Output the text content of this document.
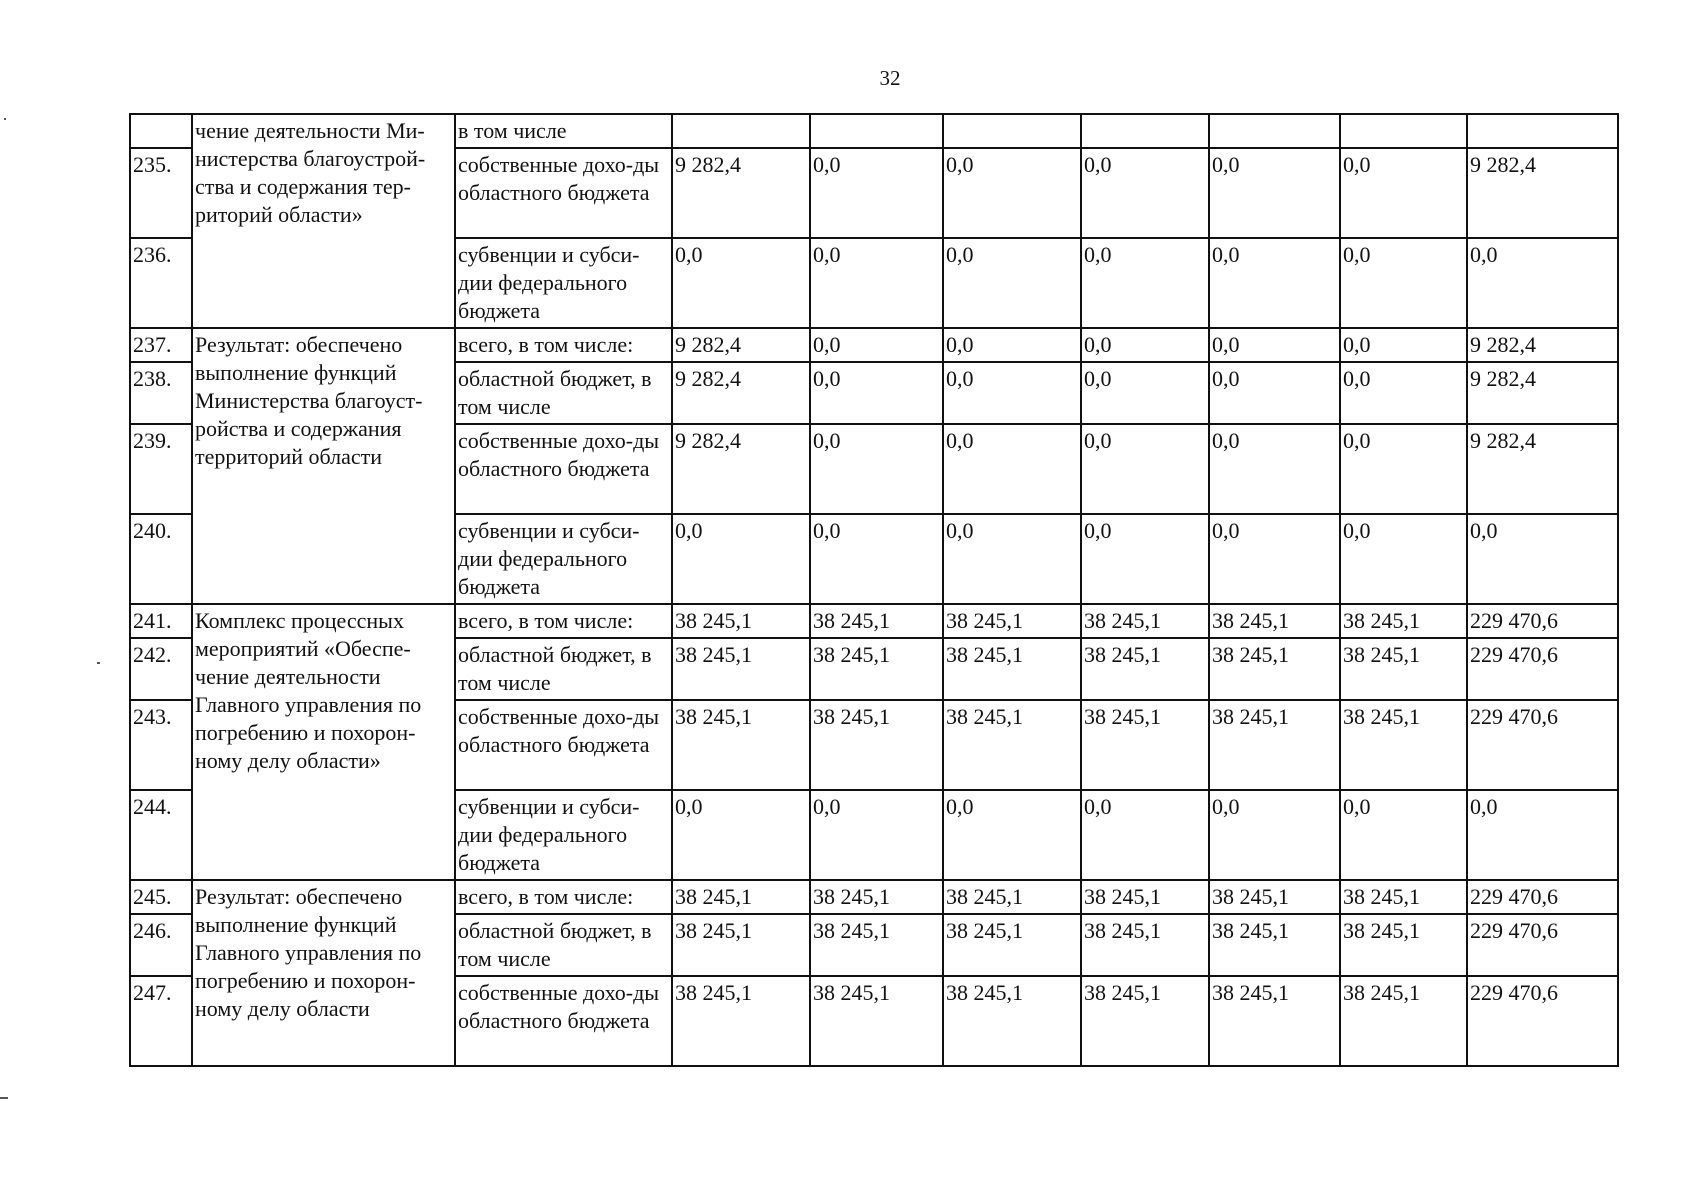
32
	чение деятельности Ми-нистерства благоустрой-ства и содержания тер-риторий области»	в том числе							
235.		собственные дохо-ды областного бюджета	9 282,4	0,0	0,0	0,0	0,0	0,0	9 282,4
236.		субвенции и субси-дии федерального бюджета	0,0	0,0	0,0	0,0	0,0	0,0	0,0
237.	Результат: обеспечено выполнение функций Министерства благоуст-ройства и содержания территорий области	всего, в том числе:	9 282,4	0,0	0,0	0,0	0,0	0,0	9 282,4
238.		областной бюджет, в том числе	9 282,4	0,0	0,0	0,0	0,0	0,0	9 282,4
239.		собственные дохо-ды областного бюджета	9 282,4	0,0	0,0	0,0	0,0	0,0	9 282,4
240.		субвенции и субси-дии федерального бюджета	0,0	0,0	0,0	0,0	0,0	0,0	0,0
241.	Комплекс процессных мероприятий «Обеспе-чение деятельности Главного управления по погребению и похорон-ному делу области»	всего, в том числе:	38 245,1	38 245,1	38 245,1	38 245,1	38 245,1	38 245,1	229 470,6
242.		областной бюджет, в том числе	38 245,1	38 245,1	38 245,1	38 245,1	38 245,1	38 245,1	229 470,6
243.		собственные дохо-ды областного бюджета	38 245,1	38 245,1	38 245,1	38 245,1	38 245,1	38 245,1	229 470,6
244.		субвенции и субси-дии федерального бюджета	0,0	0,0	0,0	0,0	0,0	0,0	0,0
245.	Результат: обеспечено выполнение функций Главного управления по погребению и похорон-ному делу области	всего, в том числе:	38 245,1	38 245,1	38 245,1	38 245,1	38 245,1	38 245,1	229 470,6
246.		областной бюджет, в том числе	38 245,1	38 245,1	38 245,1	38 245,1	38 245,1	38 245,1	229 470,6
247.		собственные дохо-ды областного бюджета	38 245,1	38 245,1	38 245,1	38 245,1	38 245,1	38 245,1	229 470,6
